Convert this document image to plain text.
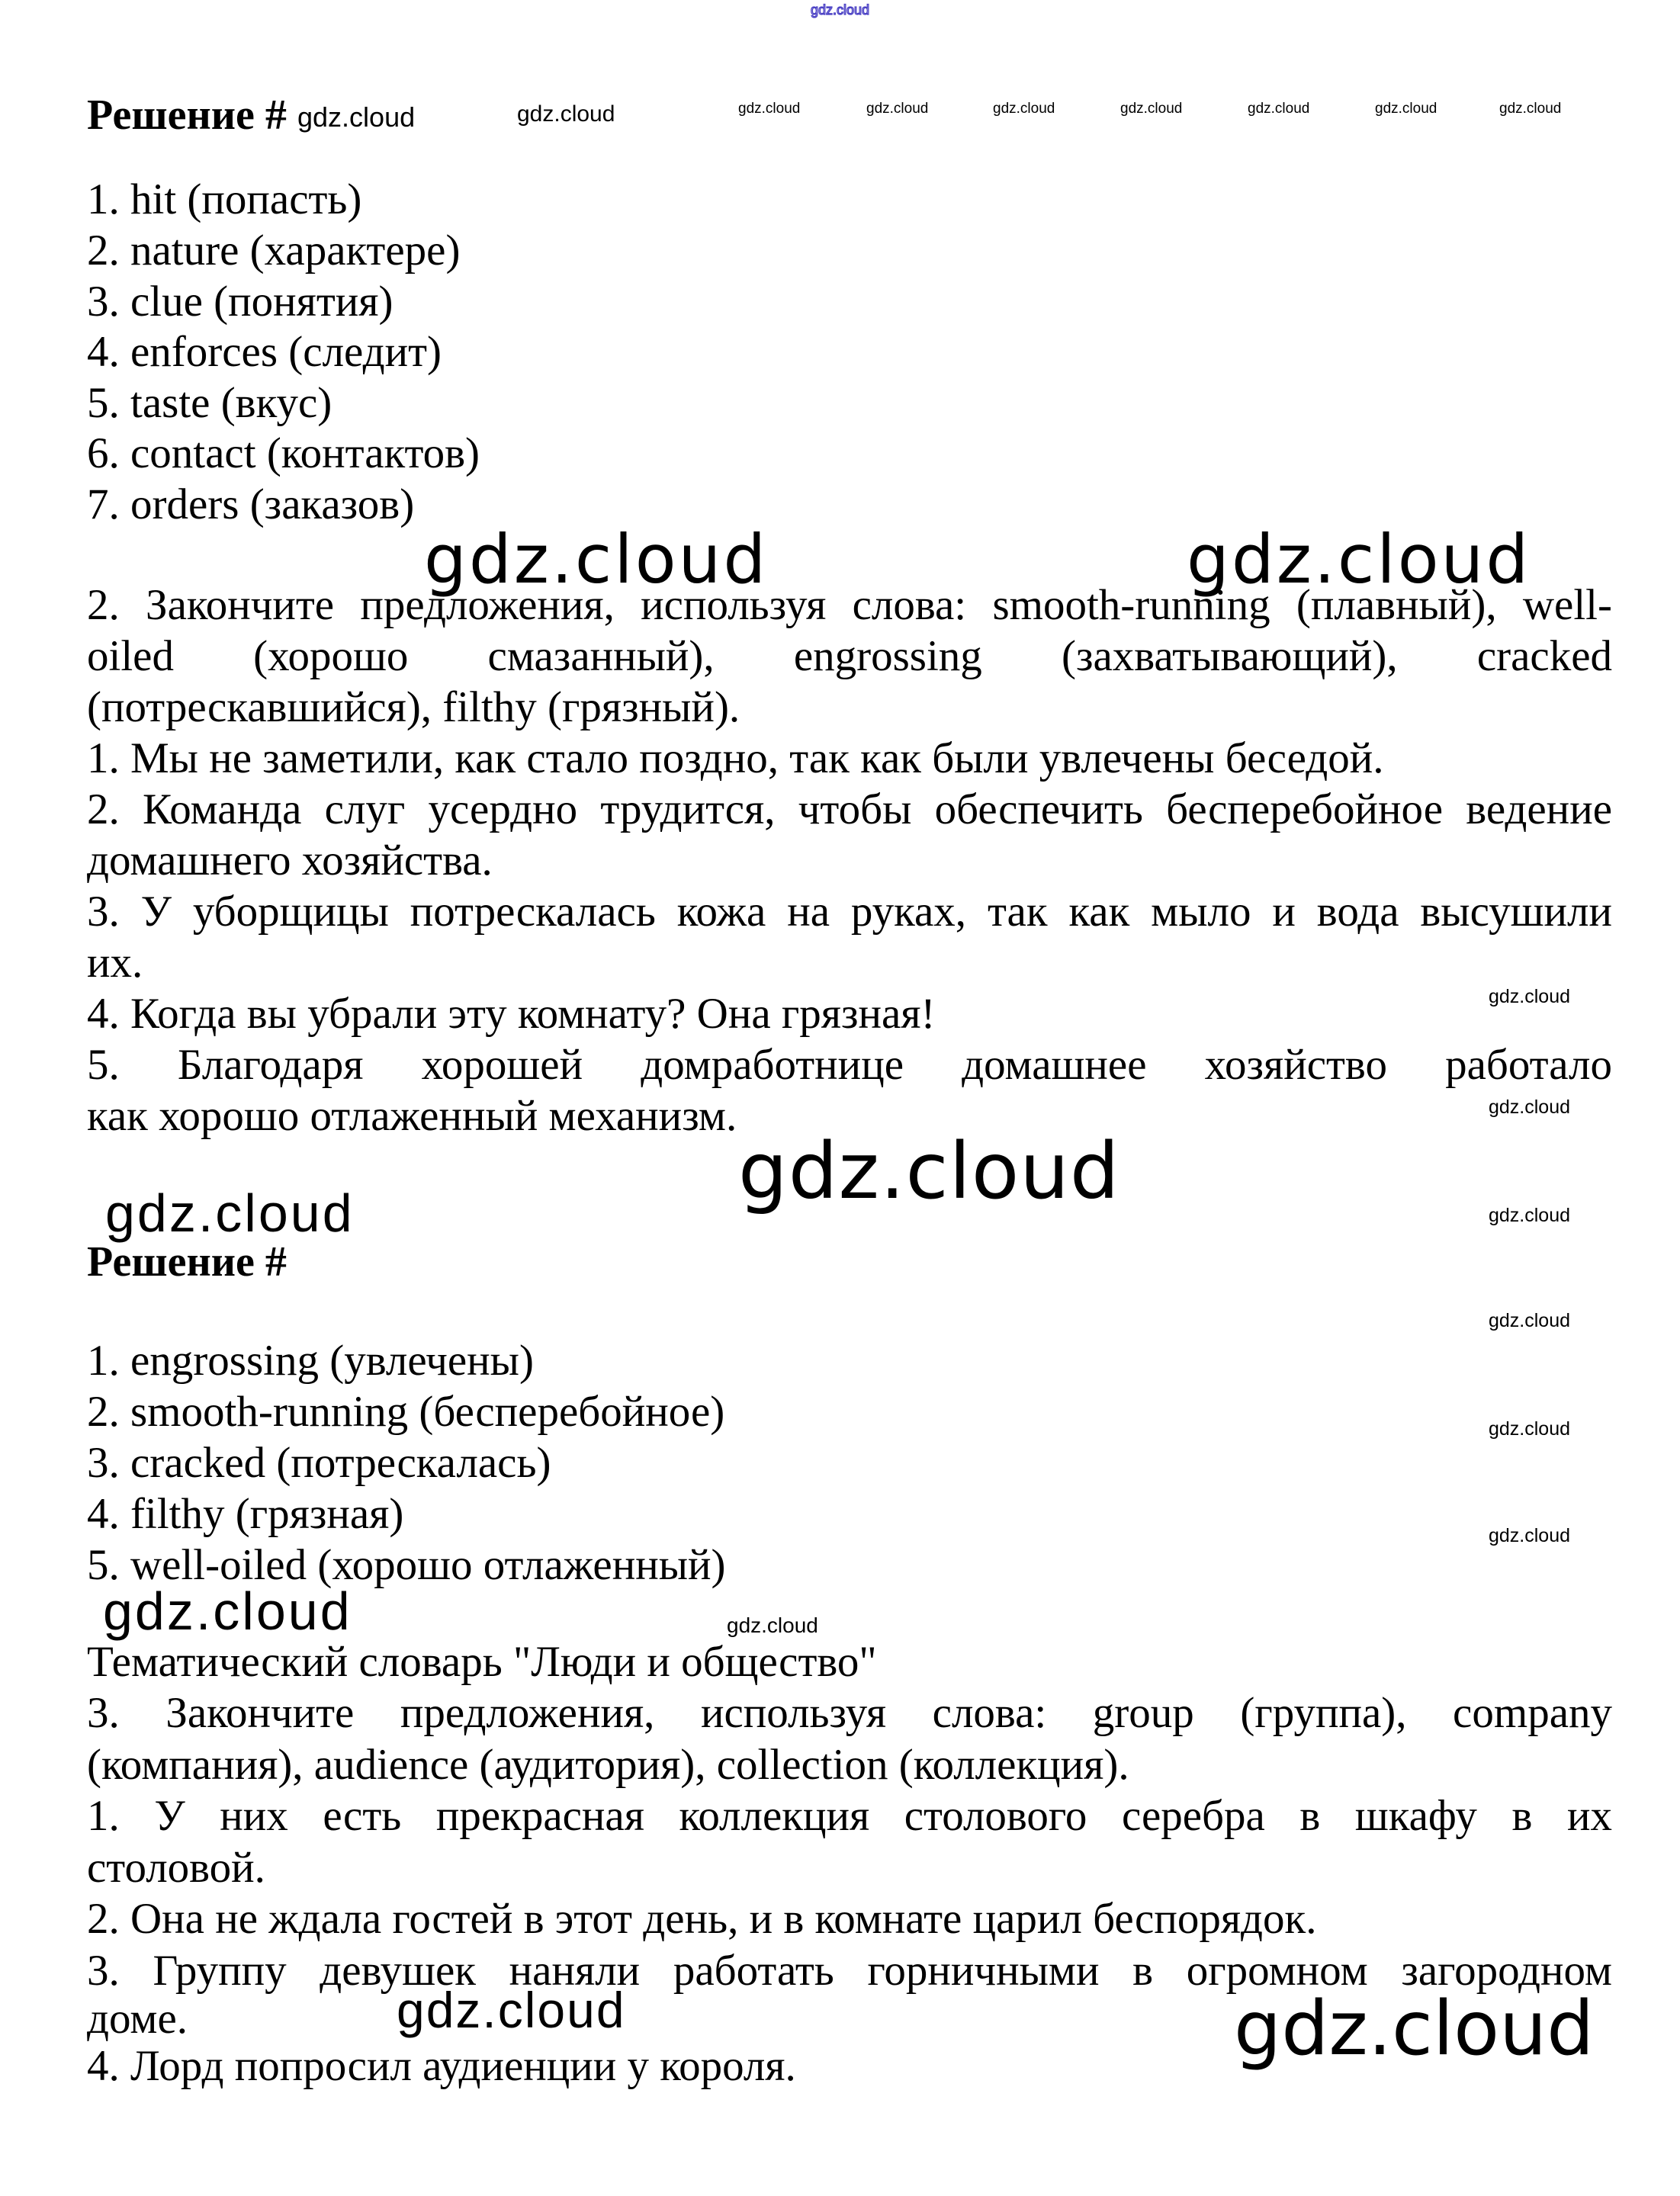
gdz.cloud
Решение # gdz.cloud	gdz.cloud	gdz.cloud	gdz.cloud	gdz.cloud	gdz.cloud	gdz.cloud	gdz.cloud	gdz.cloud
1. hit (попасть)
2. nature (характере)
3. clue (понятия)
4. enforces (следит)
5. taste (вкус)
6. contact (контактов)
7. orders (заказов)
gdz.cloud	gdz.cloud
2. Закончите предложения, используя слова: smooth-running (плавный), well-
oiled (хорошо смазанный), engrossing (захватывающий), cracked
(потрескавшийся), filthy (грязный).
1. Мы не заметили, как стало поздно, так как были увлечены беседой.
2. Команда слуг усердно трудится, чтобы обеспечить бесперебойное ведение
домашнего хозяйства.
3. У уборщицы потрескалась кожа на руках, так как мыло и вода высушили
их.
4. Когда вы убрали эту комнату? Она грязная!
5. Благодаря хорошей домработнице домашнее хозяйство работало
как хорошо отлаженный механизм.
gdz.cloud
gdz.cloud
gdz.cloud
gdz.cloud
gdz.cloud
gdz.cloud
gdz.cloud
gdz.cloud
Решение #
1. engrossing (увлечены)
2. smooth-running (бесперебойное)
3. cracked (потрескалась)
4. filthy (грязная)
5. well-oiled (хорошо отлаженный)
gdz.cloud	gdz.cloud
Тематический словарь "Люди и общество"
3. Закончите предложения, используя слова: group (группа), company
(компания), audience (аудитория), collection (коллекция).
1. У них есть прекрасная коллекция столового серебра в шкафу в их
столовой.
2. Она не ждала гостей в этот день, и в комнате царил беспорядок.
3. Группу девушек наняли работать горничными в огромном загородном
доме.
4. Лорд попросил аудиенции у короля.
gdz.cloud	gdz.cloud
